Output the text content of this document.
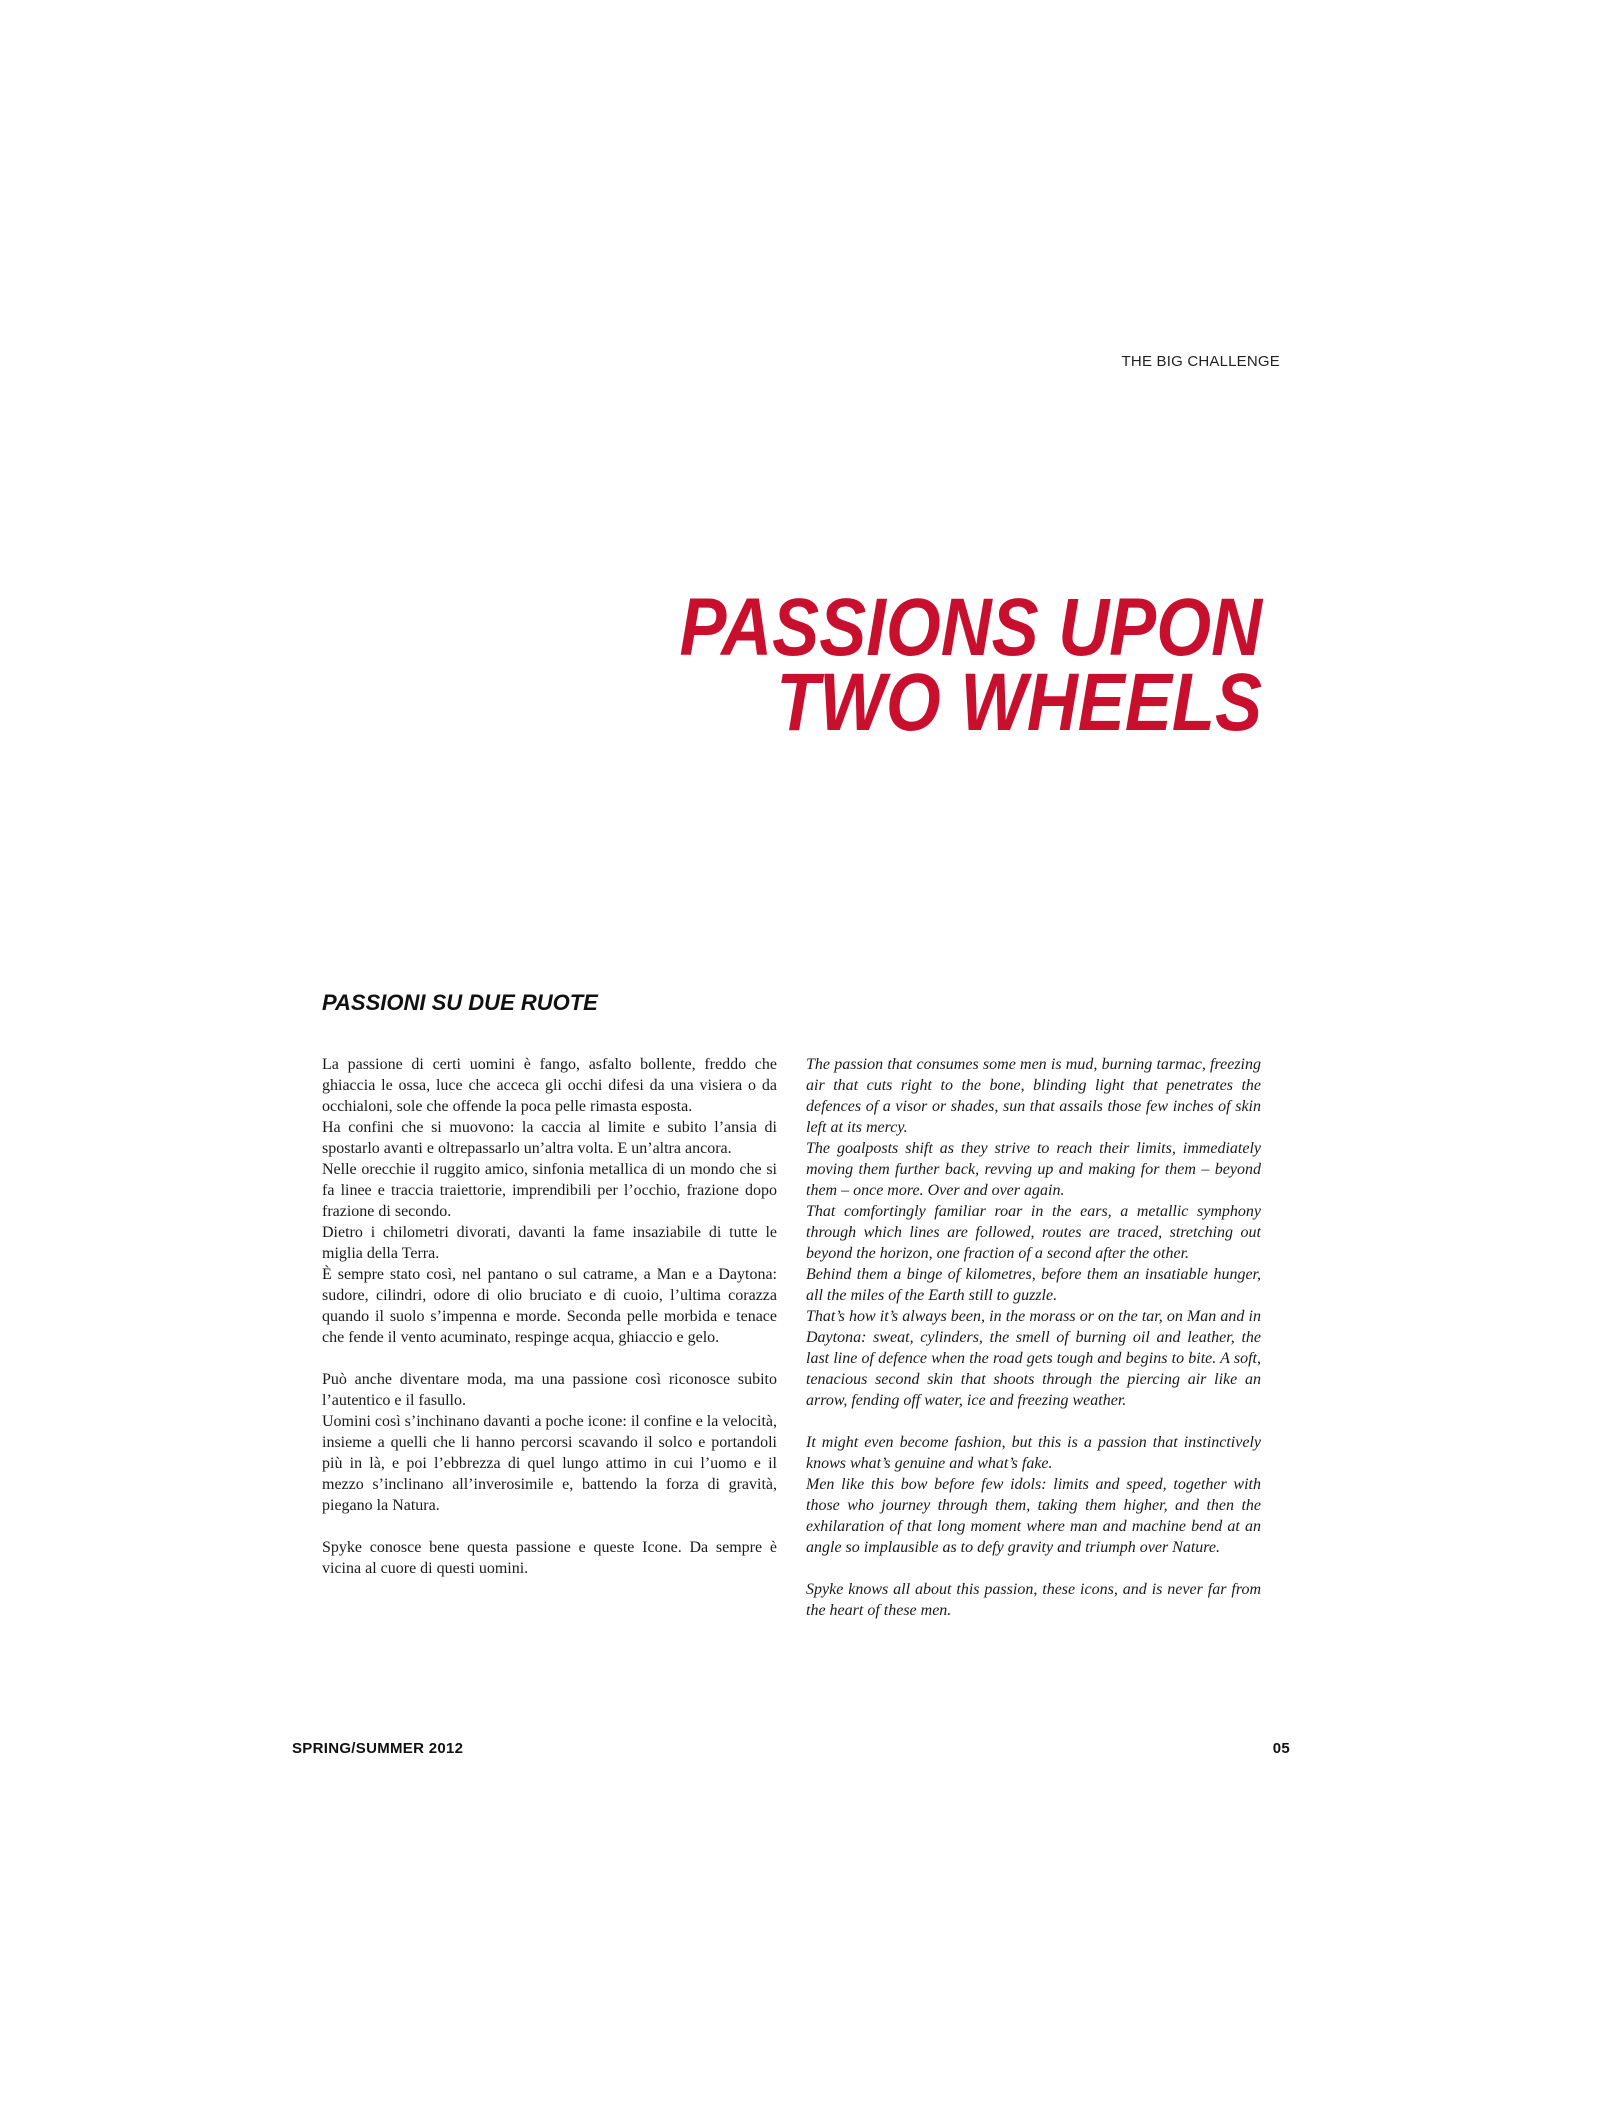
THE BIG CHALLENGE
PASSIONS UPON
TWO WHEELS
PASSIONI SU DUE RUOTE

La passione di certi uomini è fango, asfalto bollente, freddo che ghiaccia le ossa, luce che acceca gli occhi difesi da una visiera o da occhialoni, sole che offende la poca pelle rimasta esposta.

Ha confini che si muovono: la caccia al limite e subito l’ansia di spostarlo avanti e oltrepassarlo un’altra volta. E un’altra ancora.

Nelle orecchie il ruggito amico, sinfonia metallica di un mondo che si fa linee e traccia traiettorie, imprendibili per l’occhio, frazione dopo frazione di secondo.

Dietro i chilometri divorati, davanti la fame insaziabile di tutte le miglia della Terra.

È sempre stato così, nel pantano o sul catrame, a Man e a Daytona: sudore, cilindri, odore di olio bruciato e di cuoio, l’ultima corazza quando il suolo s’impenna e morde. Seconda pelle morbida e tenace che fende il vento acuminato, respinge acqua, ghiaccio e gelo.

Può anche diventare moda, ma una passione così riconosce subito l’autentico e il fasullo.

Uomini così s’inchinano davanti a poche icone: il confine e la velocità, insieme a quelli che li hanno percorsi scavando il solco e portandoli più in là, e poi l’ebbrezza di quel lungo attimo in cui l’uomo e il mezzo s’inclinano all’inverosimile e, battendo la forza di gravità, piegano la Natura.

Spyke conosce bene questa passione e queste Icone. Da sempre è vicina al cuore di questi uomini.

The passion that consumes some men is mud, burning tarmac, freezing air that cuts right to the bone, blinding light that penetrates the defences of a visor or shades, sun that assails those few inches of skin left at its mercy.

The goalposts shift as they strive to reach their limits, immediately moving them further back, revving up and making for them – beyond them – once more. Over and over again.

That comfortingly familiar roar in the ears, a metallic symphony through which lines are followed, routes are traced, stretching out beyond the horizon, one fraction of a second after the other.

Behind them a binge of kilometres, before them an insatiable hunger, all the miles of the Earth still to guzzle.

That’s how it’s always been, in the morass or on the tar, on Man and in Daytona: sweat, cylinders, the smell of burning oil and leather, the last line of defence when the road gets tough and begins to bite. A soft, tenacious second skin that shoots through the piercing air like an arrow, fending off water, ice and freezing weather.

It might even become fashion, but this is a passion that instinctively knows what’s genuine and what’s fake.

Men like this bow before few idols: limits and speed, together with those who journey through them, taking them higher, and then the exhilaration of that long moment where man and machine bend at an angle so implausible as to defy gravity and triumph over Nature.

Spyke knows all about this passion, these icons, and is never far from the heart of these men.

SPRING/SUMMER 2012	05
